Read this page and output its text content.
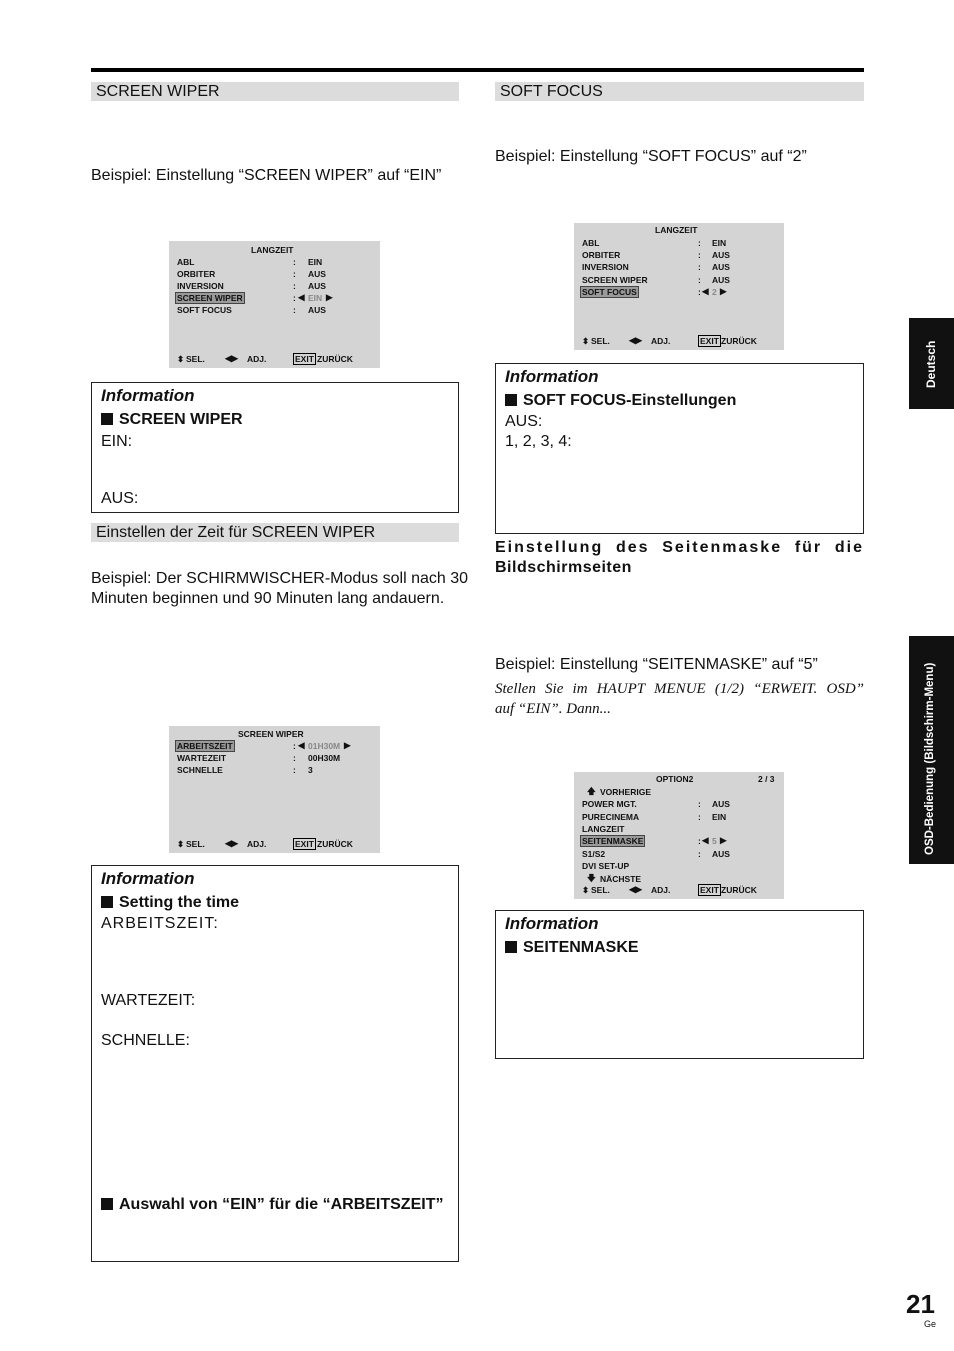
SCREEN WIPER
Beispiel: Einstellung “SCREEN WIPER” auf “EIN”
LANGZEIT
ABL	: EIN
ORBITER	: AUS
INVERSION	: AUS
SCREEN WIPER	: ◀ EIN ▶
SOFT FOCUS	: AUS
⬍ SEL. ◀▶ ADJ.	EXIT ZURÜCK
Information
SCREEN WIPER
EIN:
AUS:
Einstellen der Zeit für SCREEN WIPER
Beispiel: Der SCHIRMWISCHER-Modus soll nach 30
Minuten beginnen und 90 Minuten lang andauern.
SCREEN WIPER
ARBEITSZEIT	: ◀ 01H30M ▶
WARTEZEIT	: 00H30M
SCHNELLE	: 3
⬍ SEL. ◀▶ ADJ.	EXIT ZURÜCK
Information
Setting the time
ARBEITSZEIT:
WARTEZEIT:
SCHNELLE:
Auswahl von “EIN” für die “ARBEITSZEIT”
SOFT FOCUS
Beispiel: Einstellung “SOFT FOCUS” auf “2”
LANGZEIT
ABL	: EIN
ORBITER	: AUS
INVERSION	: AUS
SCREEN WIPER	: AUS
SOFT FOCUS	: ◀ 2 ▶
⬍ SEL. ◀▶ ADJ.	EXIT ZURÜCK
Information
SOFT FOCUS-Einstellungen
AUS:
1, 2, 3, 4:
Einstellung des Seitenmaske für die
Bildschirmseiten
Beispiel: Einstellung “SEITENMASKE” auf “5”
Stellen Sie im HAUPT MENUE (1/2) “ERWEIT. OSD”
auf “EIN”. Dann...
OPTION2	2 / 3
🡅 VORHERIGE
POWER MGT.	: AUS
PURECINEMA	: EIN
LANGZEIT
SEITENMASKE	: ◀ 5 ▶
S1/S2	: AUS
DVI SET-UP
🡇 NÄCHSTE
⬍ SEL. ◀▶ ADJ.	EXIT ZURÜCK
Information
SEITENMASKE
Deutsch
OSD-Bedienung (Bildschirm-Menu)
21
Ge
